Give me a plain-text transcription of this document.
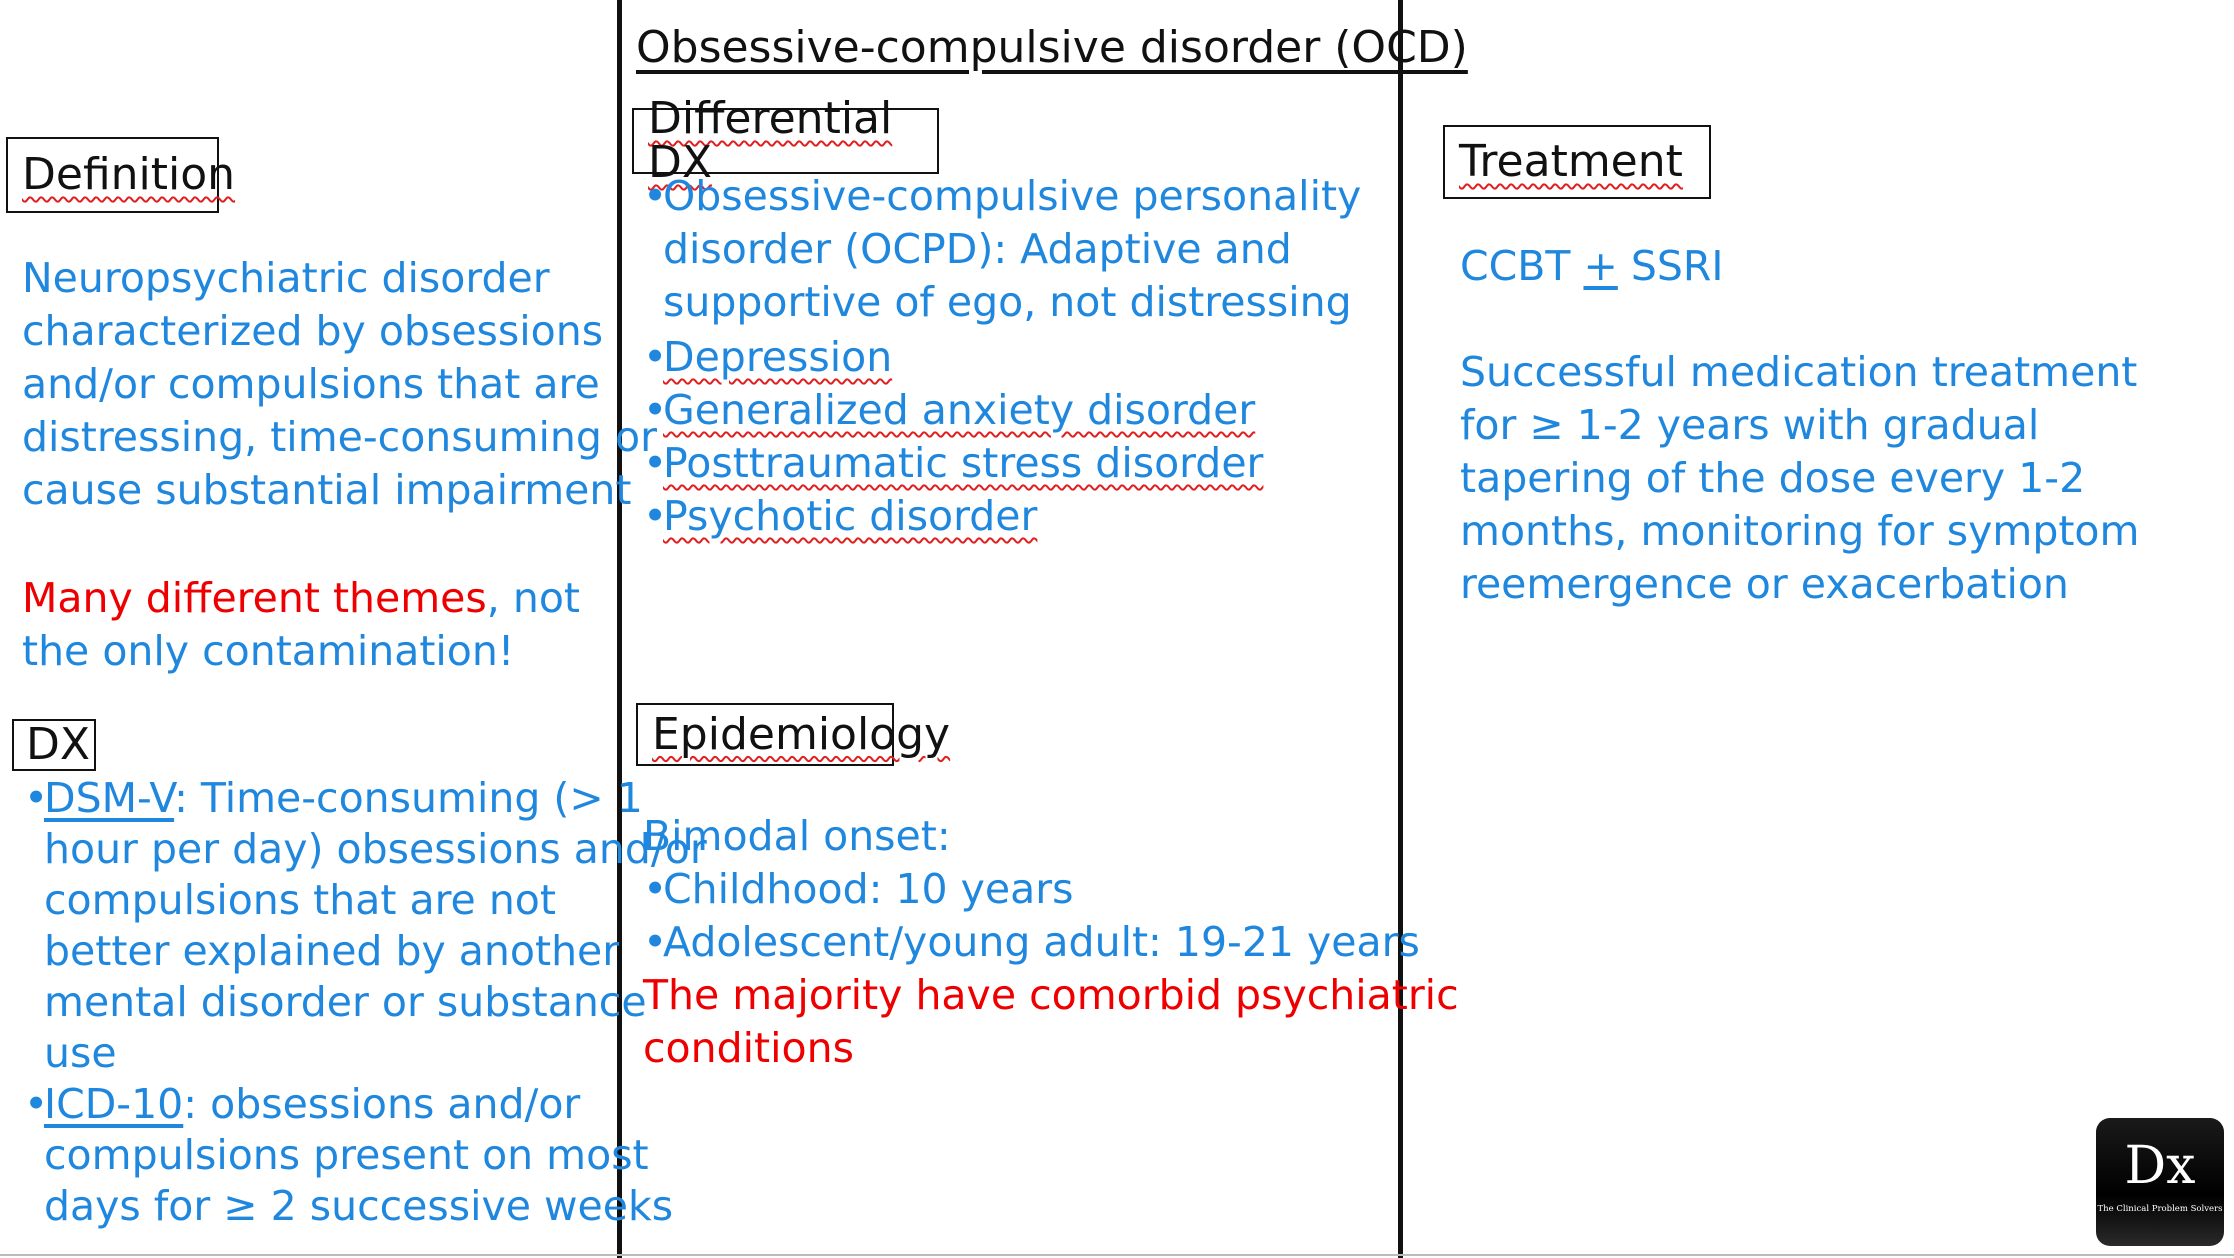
Obsessive-compulsive disorder (OCD)
Definition
Neuropsychiatric disorder
characterized by obsessions
and/or compulsions that are
distressing, time-consuming or
cause substantial impairment
Many different themes, not
the only contamination!
DX
•
DSM-V: Time-consuming (> 1
hour per day) obsessions and/or
compulsions that are not
better explained by another
mental disorder or substance
use
•
ICD-10: obsessions and/or
compulsions present on most
days for ≥ 2 successive weeks
Differential DX
•
Obsessive-compulsive personality
disorder (OCPD): Adaptive and
supportive of ego, not distressing
•
Depression
•
Generalized anxiety disorder
•
Posttraumatic stress disorder
•
Psychotic disorder
Epidemiology
Bimodal onset:
•
Childhood: 10 years
•
Adolescent/young adult: 19-21 years
The majority have comorbid psychiatric
conditions
Treatment
CCBT + SSRI
Successful medication treatment
for ≥ 1-2 years with gradual
tapering of the dose every 1-2
months, monitoring for symptom
reemergence or exacerbation
Dx
The Clinical Problem Solvers
